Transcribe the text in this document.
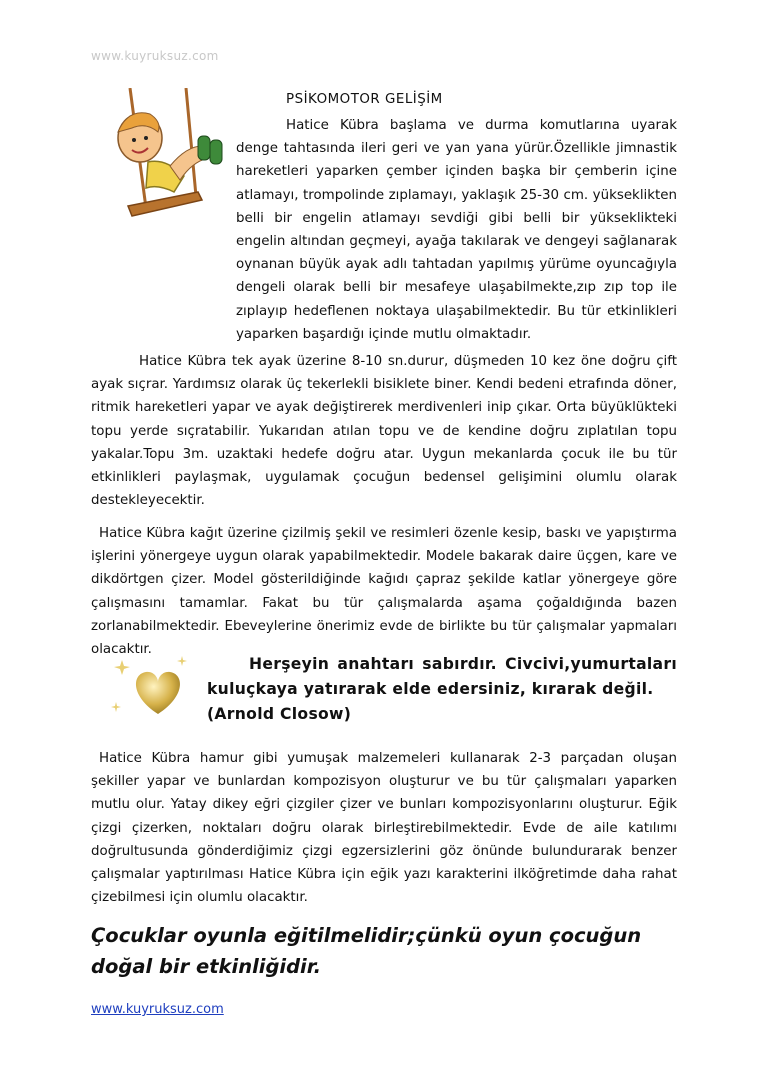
www.kuyruksuz.com
PSİKOMOTOR GELİŞİM
Hatice Kübra başlama ve durma komutlarına uyarak denge tahtasında ileri geri ve yan yana yürür.Özellikle jimnastik hareketleri yaparken çember içinden başka bir çemberin içine atlamayı, trompolinde zıplamayı, yaklaşık 25-30 cm. yükseklikten belli bir engelin atlamayı sevdiği gibi belli bir yükseklikteki engelin altından geçmeyi, ayağa takılarak ve dengeyi sağlanarak oynanan büyük ayak adlı tahtadan yapılmış yürüme oyuncağıyla dengeli olarak belli bir mesafeye ulaşabilmekte,zıp zıp top ile zıplayıp hedeflenen noktaya ulaşabilmektedir. Bu tür etkinlikleri yaparken başardığı içinde mutlu olmaktadır.
Hatice Kübra tek ayak üzerine 8-10 sn.durur, düşmeden 10 kez öne doğru çift ayak sıçrar. Yardımsız olarak üç tekerlekli bisiklete biner. Kendi bedeni etrafında döner, ritmik hareketleri yapar ve ayak değiştirerek merdivenleri inip çıkar. Orta büyüklükteki topu yerde sıçratabilir. Yukarıdan atılan topu ve de kendine doğru zıplatılan topu yakalar.Topu 3m. uzaktaki hedefe doğru atar. Uygun mekanlarda çocuk ile bu tür etkinlikleri paylaşmak, uygulamak çocuğun bedensel gelişimini olumlu olarak destekleyecektir.
Hatice Kübra kağıt üzerine çizilmiş şekil ve resimleri özenle kesip, baskı ve yapıştırma işlerini yönergeye uygun olarak yapabilmektedir. Modele bakarak daire üçgen, kare ve dikdörtgen çizer. Model gösterildiğinde kağıdı çapraz şekilde katlar yönergeye göre çalışmasını tamamlar. Fakat bu tür çalışmalarda aşama çoğaldığında bazen zorlanabilmektedir. Ebeveylerine önerimiz evde de birlikte bu tür çalışmalar yapmaları olacaktır.
Herşeyin anahtarı sabırdır. Civcivi,yumurtaları kuluçkaya yatırarak elde edersiniz, kırarak değil.
(Arnold Closow)
Hatice Kübra hamur gibi yumuşak malzemeleri kullanarak 2-3 parçadan oluşan şekiller yapar ve bunlardan kompozisyon oluşturur ve bu tür çalışmaları yaparken mutlu olur. Yatay dikey eğri çizgiler çizer ve bunları kompozisyonlarını oluşturur. Eğik çizgi çizerken, noktaları doğru olarak birleştirebilmektedir. Evde de aile katılımı doğrultusunda gönderdiğimiz çizgi egzersizlerini göz önünde bulundurarak benzer çalışmalar yaptırılması Hatice Kübra için eğik yazı karakterini ilköğretimde daha rahat çizebilmesi için olumlu olacaktır.
Çocuklar oyunla eğitilmelidir;çünkü oyun çocuğun doğal bir etkinliğidir.
www.kuyruksuz.com
